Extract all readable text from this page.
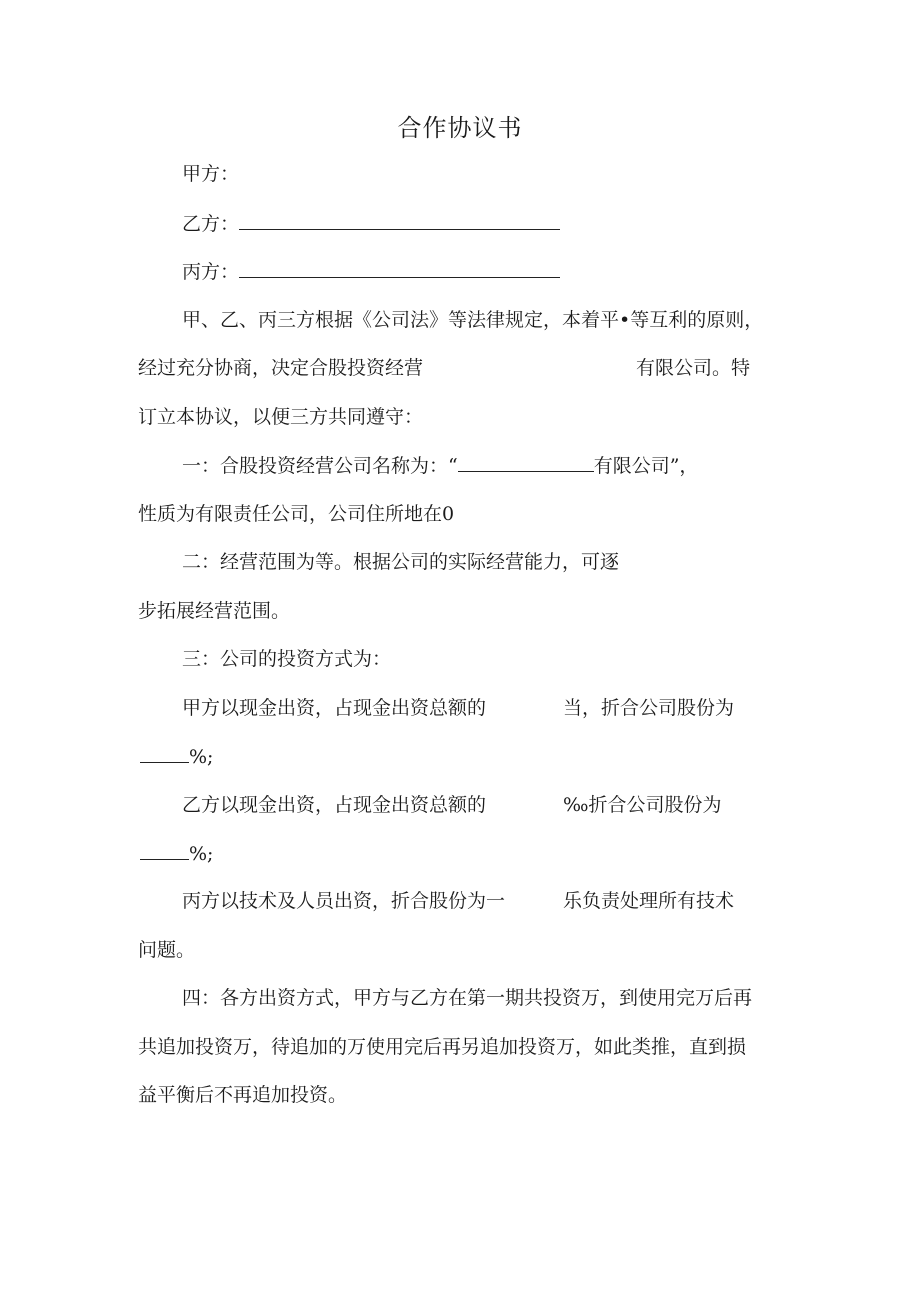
合作协议书
甲方：
乙方：
丙方：
甲、乙、丙三方根据《公司法》等法律规定，本着平•等互利的原则，
经过充分协商，决定合股投资经营	有限公司。特
订立本协议，以便三方共同遵守：
一：合股投资经营公司名称为：“	有限公司”，
性质为有限责任公司，公司住所地在0
二：经营范围为等。根据公司的实际经营能力，可逐
步拓展经营范围。
三：公司的投资方式为：
甲方以现金出资，占现金出资总额的	当，折合公司股份为
%;
乙方以现金出资，占现金出资总额的	‰折合公司股份为
%;
丙方以技术及人员出资，折合股份为一	乐负责处理所有技术
问题。
四：各方出资方式，甲方与乙方在第一期共投资万，到使用完万后再
共追加投资万，待追加的万使用完后再另追加投资万，如此类推，直到损
益平衡后不再追加投资。
